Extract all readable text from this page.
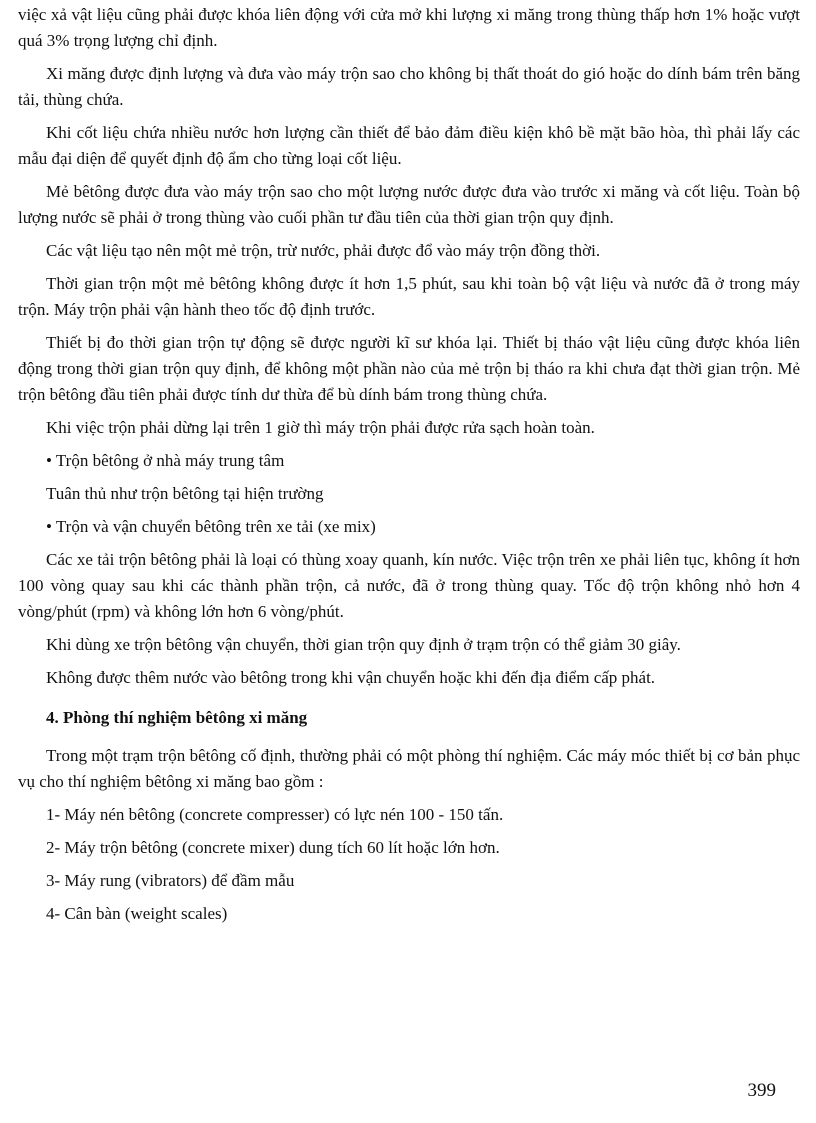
việc xả vật liệu cũng phải được khóa liên động với cửa mở khi lượng xi măng trong thùng thấp hơn 1% hoặc vượt quá 3% trọng lượng chỉ định.

Xi măng được định lượng và đưa vào máy trộn sao cho không bị thất thoát do gió hoặc do dính bám trên băng tải, thùng chứa.

Khi cốt liệu chứa nhiều nước hơn lượng cần thiết để bảo đảm điều kiện khô bề mặt bão hòa, thì phải lấy các mẫu đại diện để quyết định độ ẩm cho từng loại cốt liệu.

Mẻ bêtông được đưa vào máy trộn sao cho một lượng nước được đưa vào trước xi măng và cốt liệu. Toàn bộ lượng nước sẽ phải ở trong thùng vào cuối phần tư đầu tiên của thời gian trộn quy định.

Các vật liệu tạo nên một mẻ trộn, trừ nước, phải được đổ vào máy trộn đồng thời.

Thời gian trộn một mẻ bêtông không được ít hơn 1,5 phút, sau khi toàn bộ vật liệu và nước đã ở trong máy trộn. Máy trộn phải vận hành theo tốc độ định trước.

Thiết bị đo thời gian trộn tự động sẽ được người kĩ sư khóa lại. Thiết bị tháo vật liệu cũng được khóa liên động trong thời gian trộn quy định, để không một phần nào của mẻ trộn bị tháo ra khi chưa đạt thời gian trộn. Mẻ trộn bêtông đầu tiên phải được tính dư thừa để bù dính bám trong thùng chứa.

Khi việc trộn phải dừng lại trên 1 giờ thì máy trộn phải được rửa sạch hoàn toàn.

• Trộn bêtông ở nhà máy trung tâm
Tuân thủ như trộn bêtông tại hiện trường
• Trộn và vận chuyển bêtông trên xe tải (xe mix)

Các xe tải trộn bêtông phải là loại có thùng xoay quanh, kín nước. Việc trộn trên xe phải liên tục, không ít hơn 100 vòng quay sau khi các thành phần trộn, cả nước, đã ở trong thùng quay. Tốc độ trộn không nhỏ hơn 4 vòng/phút (rpm) và không lớn hơn 6 vòng/phút.

Khi dùng xe trộn bêtông vận chuyển, thời gian trộn quy định ở trạm trộn có thể giảm 30 giây.

Không được thêm nước vào bêtông trong khi vận chuyển hoặc khi đến địa điểm cấp phát.

4. Phòng thí nghiệm bêtông xi măng

Trong một trạm trộn bêtông cố định, thường phải có một phòng thí nghiệm. Các máy móc thiết bị cơ bản phục vụ cho thí nghiệm bêtông xi măng bao gồm :

1- Máy nén bêtông (concrete compresser) có lực nén 100 - 150 tấn.
2- Máy trộn bêtông (concrete mixer) dung tích 60 lít hoặc lớn hơn.
3- Máy rung (vibrators) để đầm mẫu
4- Cân bàn (weight scales)
399
